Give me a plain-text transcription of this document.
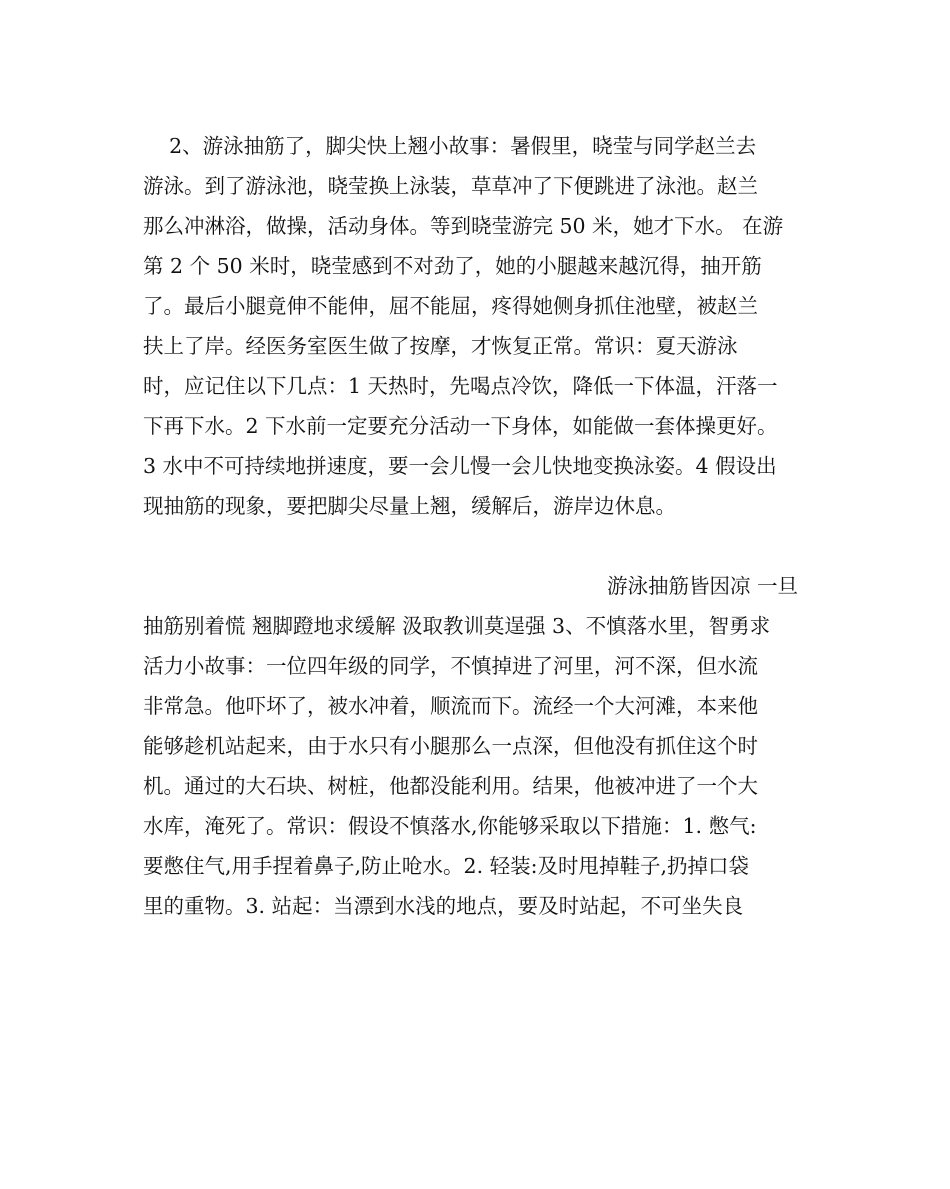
2、游泳抽筋了，脚尖快上翘小故事：暑假里，晓莹与同学赵兰去
游泳。到了游泳池，晓莹换上泳装，草草冲了下便跳进了泳池。赵兰
那么冲淋浴，做操，活动身体。等到晓莹游完 50 米，她才下水。 在游
第 2 个 50 米时，晓莹感到不对劲了，她的小腿越来越沉得，抽开筋
了。最后小腿竟伸不能伸，屈不能屈，疼得她侧身抓住池壁，被赵兰
扶上了岸。经医务室医生做了按摩，才恢复正常。常识：夏天游泳
时，应记住以下几点：1 天热时，先喝点冷饮，降低一下体温，汗落一
下再下水。2 下水前一定要充分活动一下身体，如能做一套体操更好。
3 水中不可持续地拼速度，要一会儿慢一会儿快地变换泳姿。4 假设出
现抽筋的现象，要把脚尖尽量上翘，缓解后，游岸边休息。
游泳抽筋皆因凉 一旦
抽筋别着慌 翘脚蹬地求缓解 汲取教训莫逞强 3、不慎落水里，智勇求
活力小故事：一位四年级的同学，不慎掉进了河里，河不深，但水流
非常急。他吓坏了，被水冲着，顺流而下。流经一个大河滩，本来他
能够趁机站起来，由于水只有小腿那么一点深，但他没有抓住这个时
机。通过的大石块、树桩，他都没能利用。结果，他被冲进了一个大
水库，淹死了。常识：假设不慎落水,你能够采取以下措施：1. 憋气:
要憋住气,用手捏着鼻子,防止呛水。2. 轻装:及时甩掉鞋子,扔掉口袋
里的重物。3. 站起：当漂到水浅的地点，要及时站起，不可坐失良
